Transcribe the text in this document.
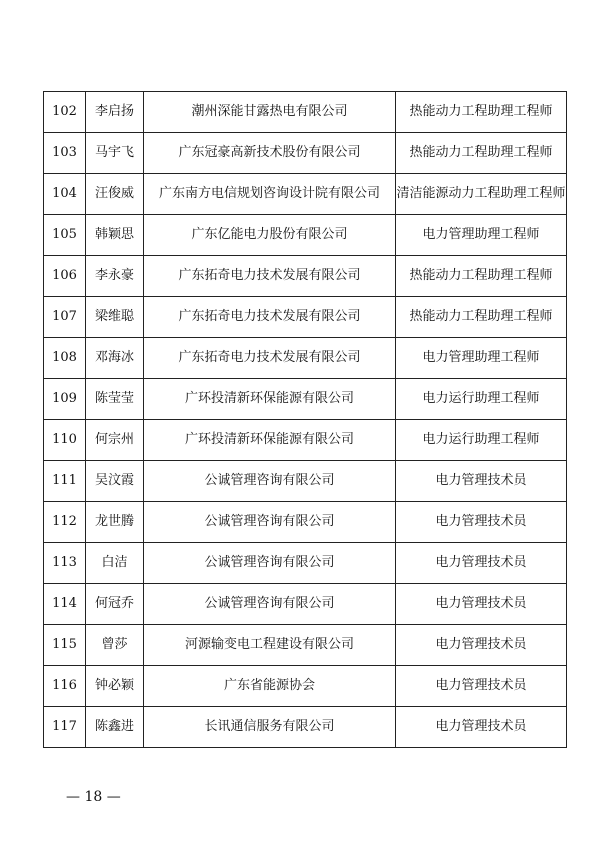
102	李启扬	潮州深能甘露热电有限公司	热能动力工程助理工程师
103	马宇飞	广东冠豪高新技术股份有限公司	热能动力工程助理工程师
104	汪俊威	广东南方电信规划咨询设计院有限公司	清洁能源动力工程助理工程师
105	韩颖思	广东亿能电力股份有限公司	电力管理助理工程师
106	李永豪	广东拓奇电力技术发展有限公司	热能动力工程助理工程师
107	梁维聪	广东拓奇电力技术发展有限公司	热能动力工程助理工程师
108	邓海冰	广东拓奇电力技术发展有限公司	电力管理助理工程师
109	陈莹莹	广环投清新环保能源有限公司	电力运行助理工程师
110	何宗州	广环投清新环保能源有限公司	电力运行助理工程师
111	吴汶霞	公诚管理咨询有限公司	电力管理技术员
112	龙世腾	公诚管理咨询有限公司	电力管理技术员
113	白洁	公诚管理咨询有限公司	电力管理技术员
114	何冠乔	公诚管理咨询有限公司	电力管理技术员
115	曾莎	河源输变电工程建设有限公司	电力管理技术员
116	钟必颖	广东省能源协会	电力管理技术员
117	陈鑫进	长讯通信服务有限公司	电力管理技术员
— 18 —
